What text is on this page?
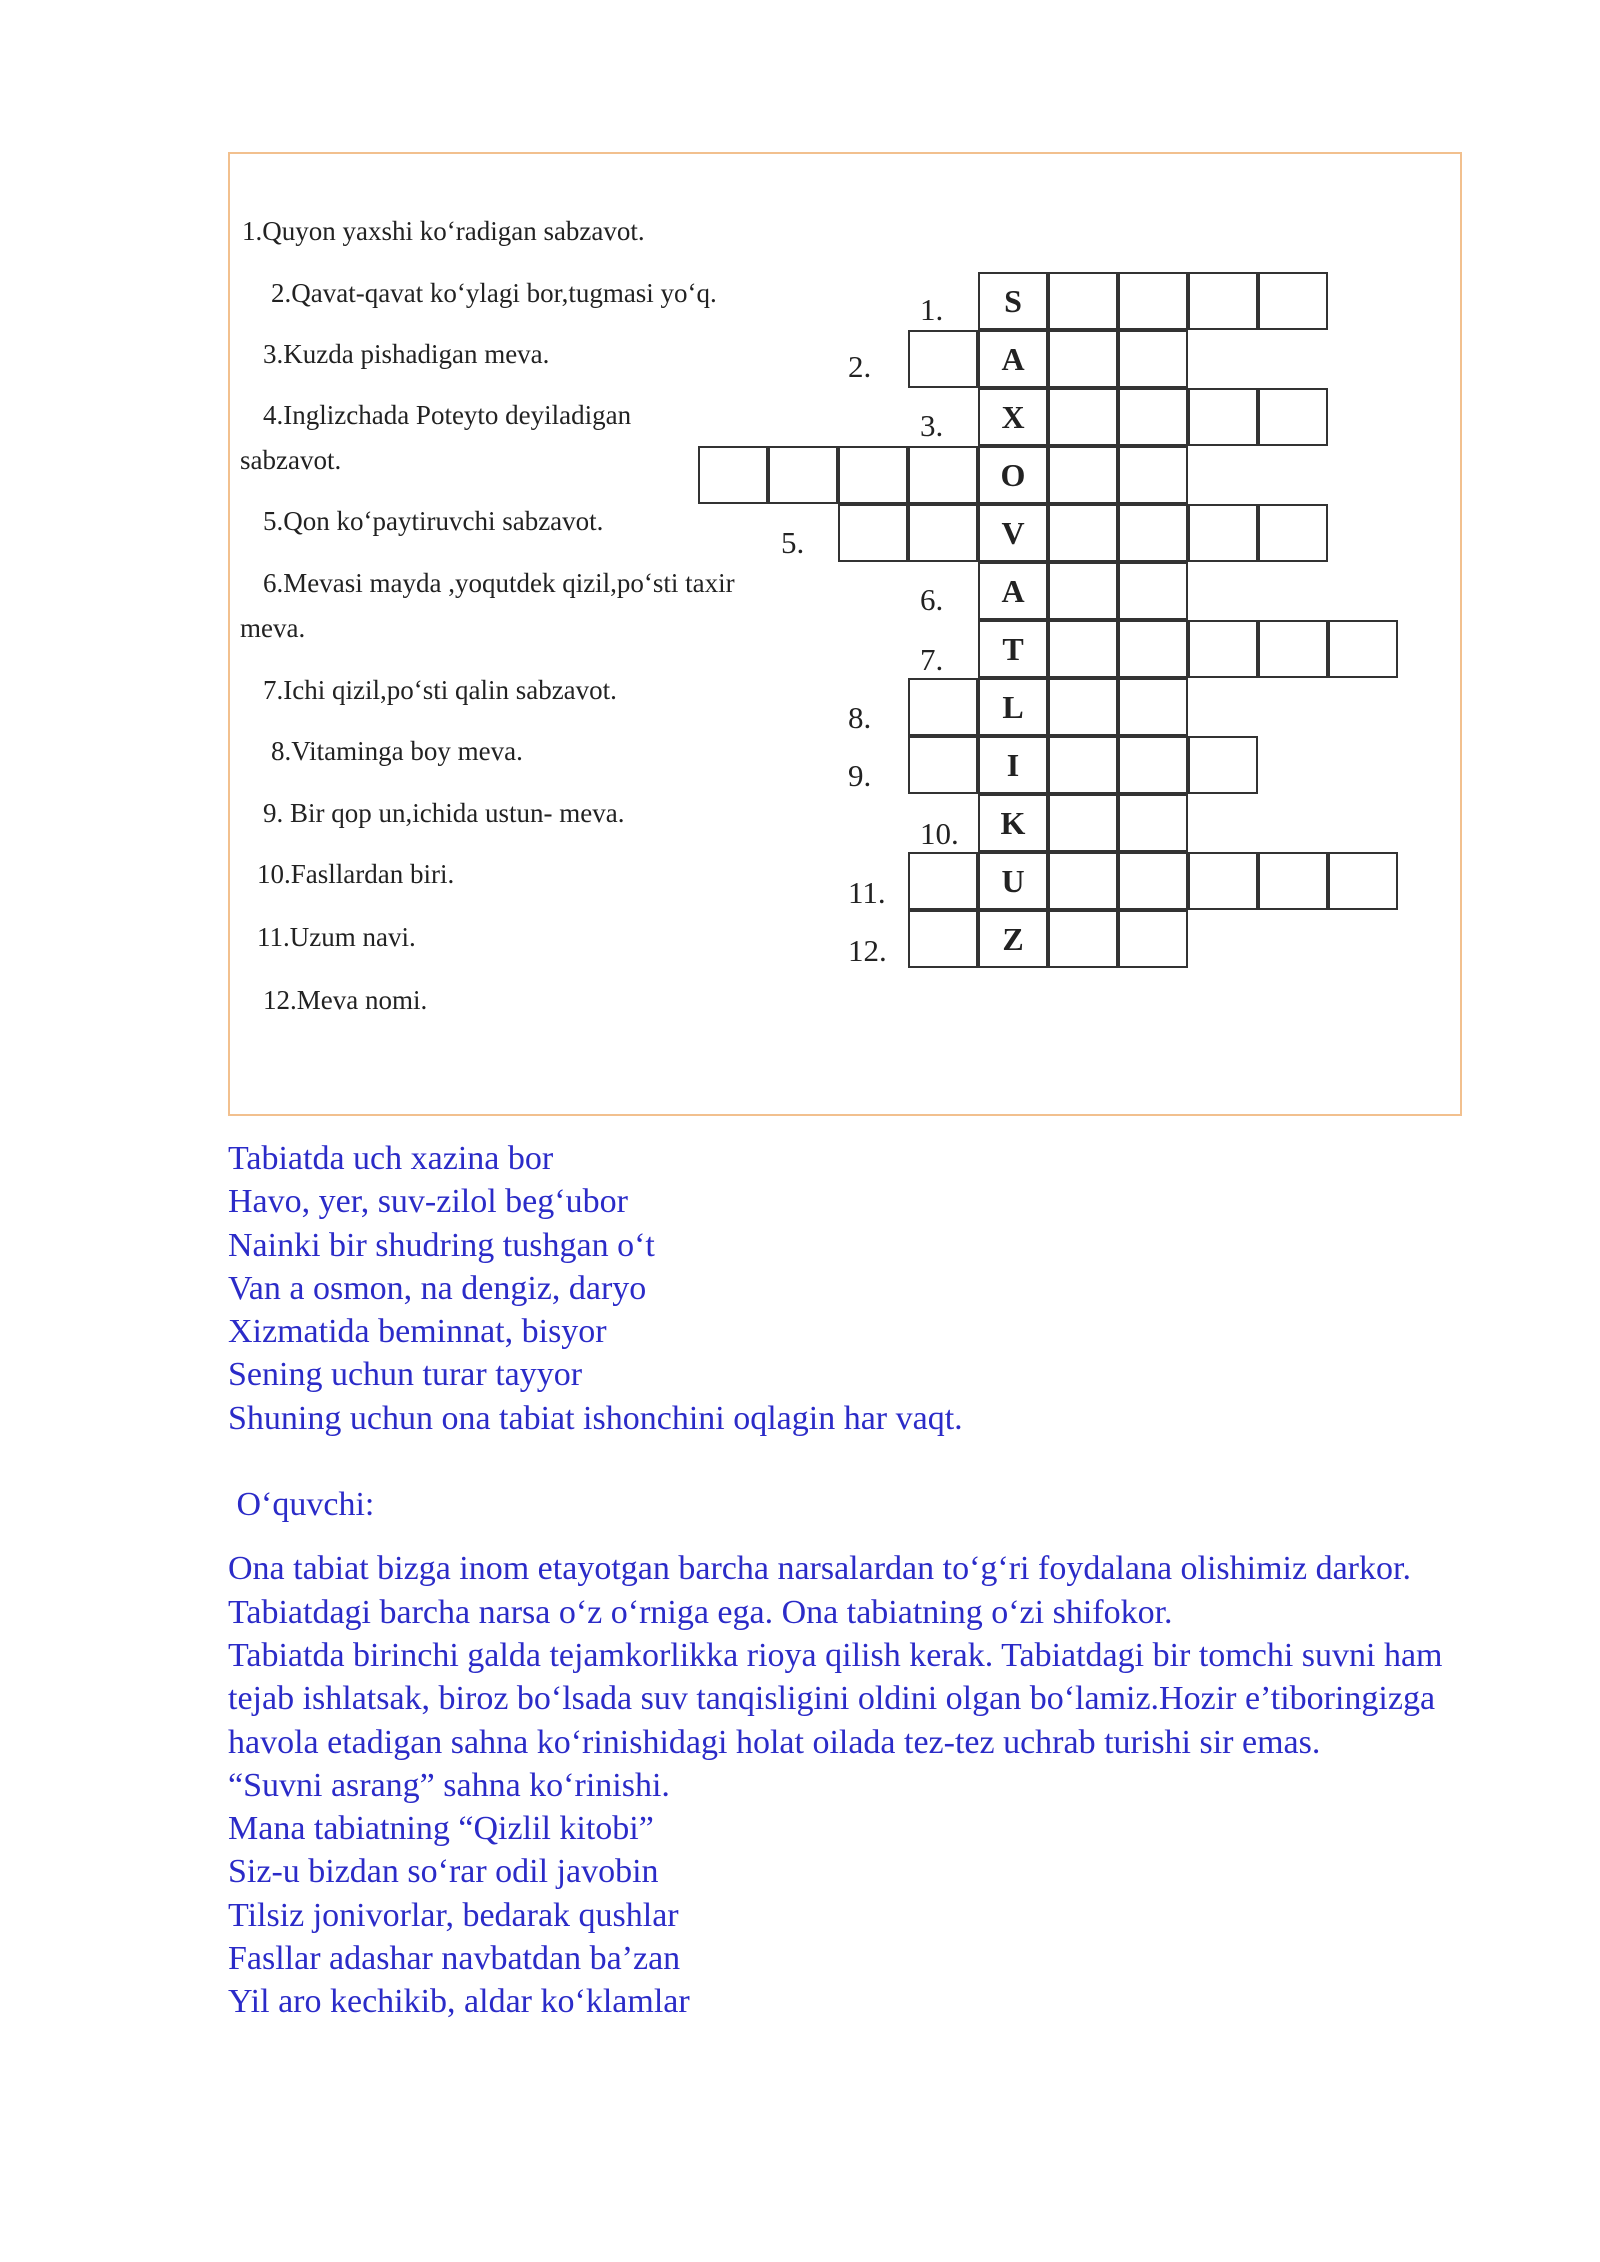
1.Quyon yaxshi koʻradigan sabzavot.
2.Qavat-qavat koʻylagi bor,tugmasi yoʻq.
3.Kuzda pishadigan meva.
4.Inglizchada Poteyto deyiladigan
sabzavot.
5.Qon koʻpaytiruvchi sabzavot.
6.Mevasi mayda ,yoqutdek qizil,poʻsti taxir
meva.
7.Ichi qizil,poʻsti qalin sabzavot.
8.Vitaminga boy meva.
9. Bir qop un,ichida ustun- meva.
10.Fasllardan biri.
11.Uzum navi.
12.Meva nomi.
1.
2.
3.
5.
6.
7.
8.
9.
10.
11.
12.
S
A
X
O
V
A
T
L
I
K
U
Z

Tabiatda uch xazina bor

Havo, yer, suv-zilol begʻubor

Nainki bir shudring tushgan oʻt

Van a osmon, na dengiz, daryo

Xizmatida beminnat, bisyor

Sening uchun turar tayyor

Shuning uchun ona tabiat ishonchini oqlagin har vaqt.

Oʻquvchi:

Ona tabiat bizga inom etayotgan barcha narsalardan toʻgʻri foydalana olishimiz darkor.

Tabiatdagi barcha narsa oʻz oʻrniga ega. Ona tabiatning oʻzi shifokor.

Tabiatda birinchi galda tejamkorlikka rioya qilish kerak. Tabiatdagi bir tomchi suvni ham tejab ishlatsak, biroz boʻlsada suv tanqisligini oldini olgan boʻlamiz.Hozir e’tiboringizga havola etadigan sahna koʻrinishidagi holat oilada tez-tez uchrab turishi sir emas.

“Suvni asrang” sahna koʻrinishi.

Mana tabiatning “Qizlil kitobi”

Siz-u bizdan soʻrar odil javobin

Tilsiz jonivorlar, bedarak qushlar

Fasllar adashar navbatdan ba’zan

Yil aro kechikib, aldar koʻklamlar
